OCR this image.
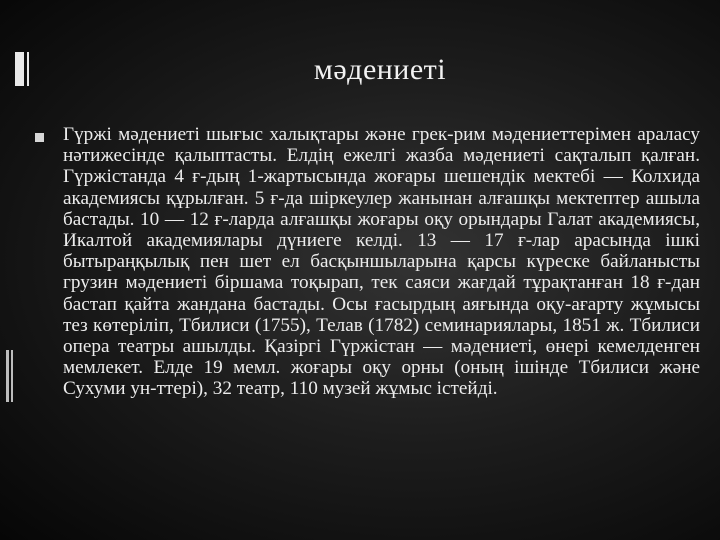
мəдениеті
Гүржі мəдениеті шығыс халықтары жəне грек-рим мəдениеттерімен араласу нəтижесінде қалыптасты. Елдің ежелгі жазба мəдениеті сақталып қалған. Гүржістанда 4 ғ-дың 1-жартысында жоғары шешендік мектебі — Колхида академиясы құрылған. 5 ғ-да шіркеулер жанынан алғашқы мектептер ашыла бастады. 10 — 12 ғ-ларда алғашқы жоғары оқу орындары Галат академиясы, Икалтой академиялары дүниеге келді. 13 — 17 ғ-лар арасында ішкі бытыраңқылық пен шет ел басқыншыларына қарсы күреске байланысты грузин мəдениеті біршама тоқырап, тек саяси жағдай тұрақтанған 18 ғ-дан бастап қайта жандана бастады. Осы ғасырдың аяғында оқу-ағарту жұмысы тез көтеріліп, Тбилиси (1755), Телав (1782) семинариялары, 1851 ж. Тбилиси опера театры ашылды. Қазіргі Гүржістан — мəдениеті, өнері кемелденген мемлекет. Елде 19 мемл. жоғары оқу орны (оның ішінде Тбилиси жəне Сухуми ун-ттері), 32 театр, 110 музей жұмыс істейді.
